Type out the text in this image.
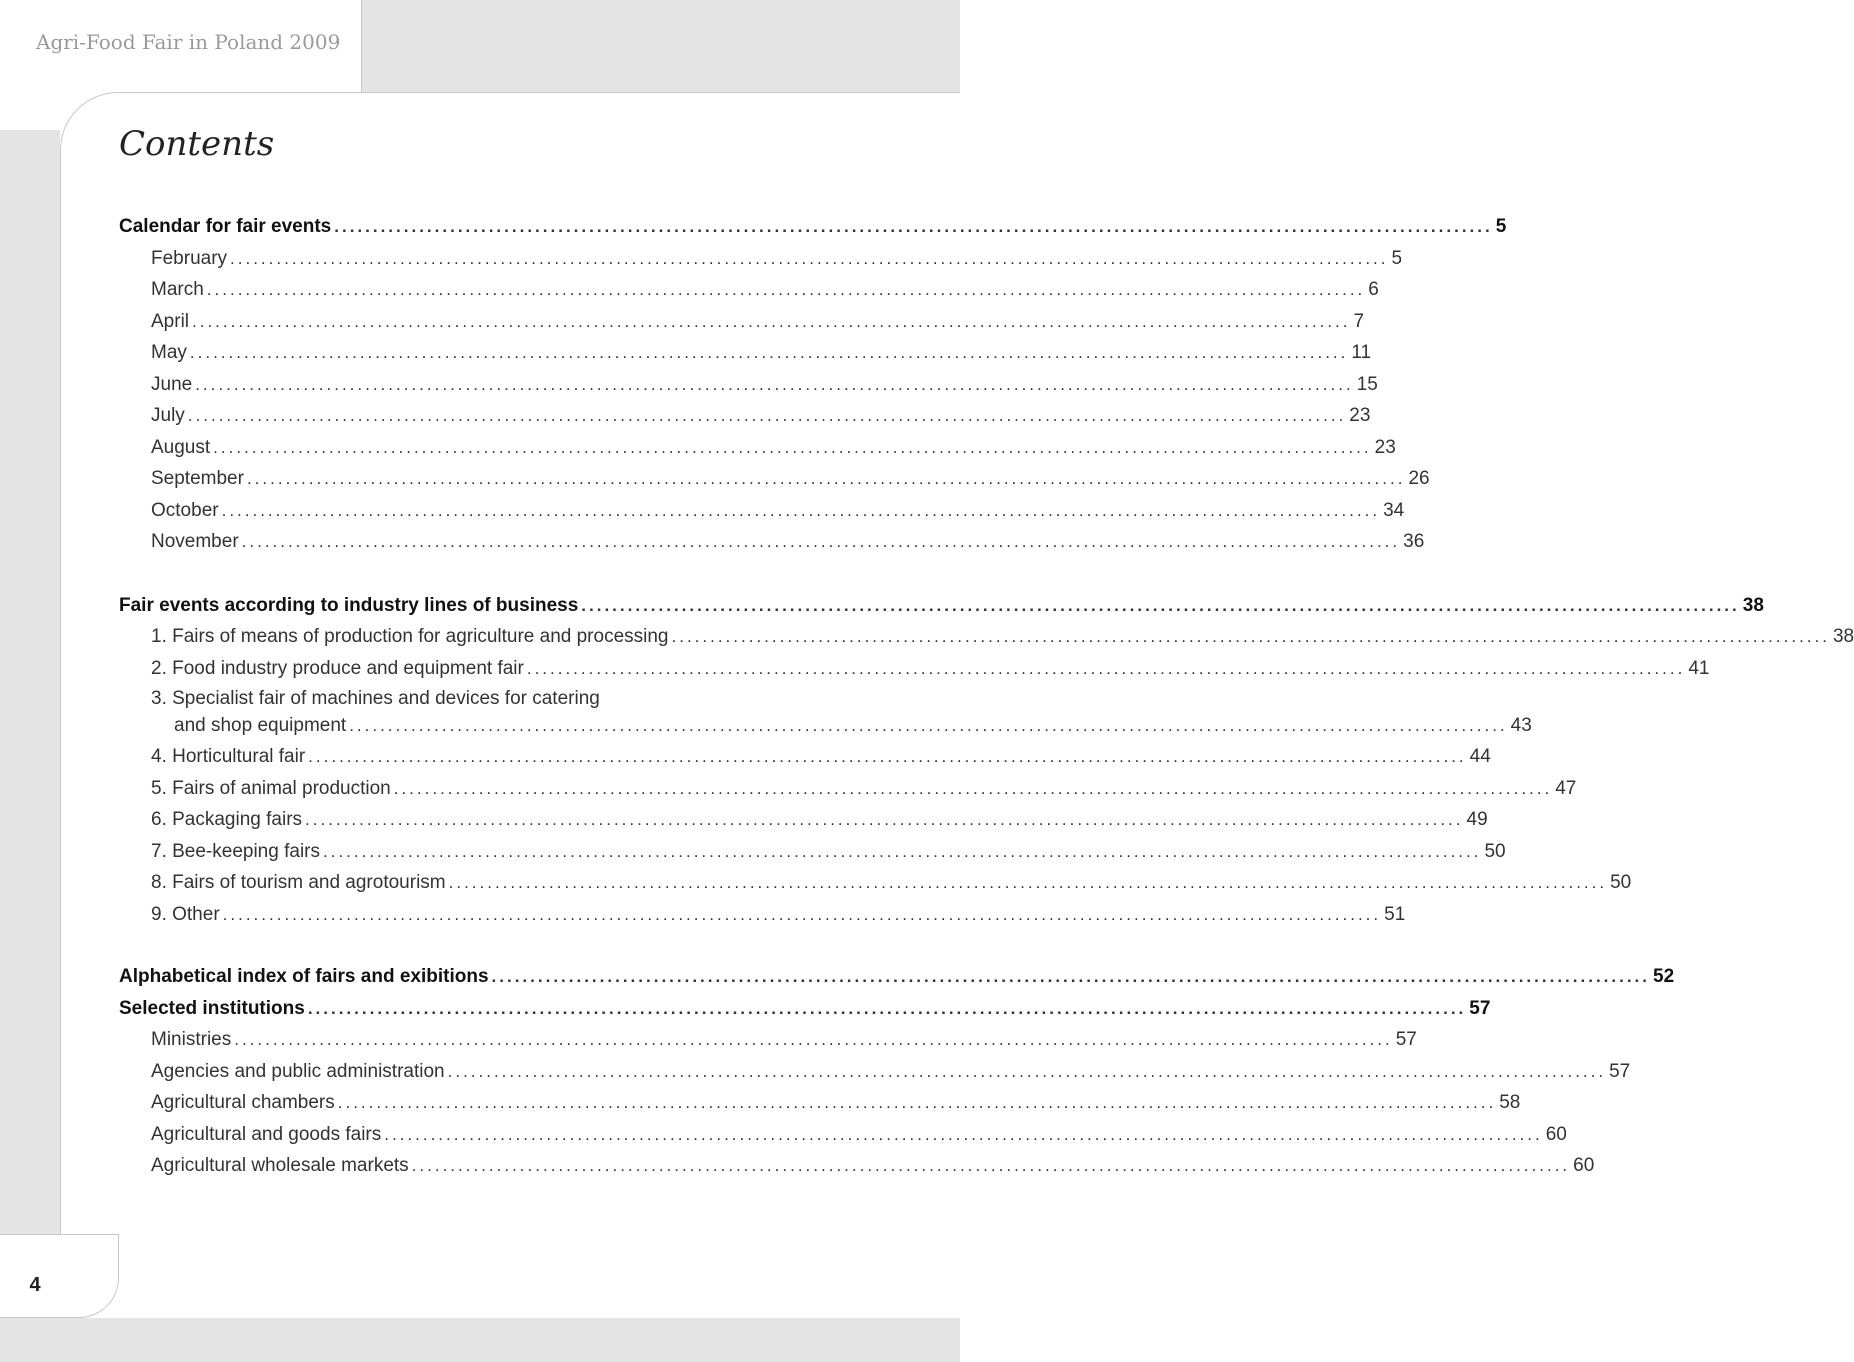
Agri-Food Fair in Poland 2009
Contents
4
Calendar for fair events ...................................................................................................................................................... 5
February ...................................................................................................................................................... 5
March ...................................................................................................................................................... 6
April ...................................................................................................................................................... 7
May ...................................................................................................................................................... 11
June ...................................................................................................................................................... 15
July ...................................................................................................................................................... 23
August ...................................................................................................................................................... 23
September ...................................................................................................................................................... 26
October ...................................................................................................................................................... 34
November ...................................................................................................................................................... 36
Fair events according to industry lines of business ...................................................................................................................................................... 38
1. Fairs of means of production for agriculture and processing ...................................................................................................................................................... 38
2. Food industry produce and equipment fair ...................................................................................................................................................... 41
3. Specialist fair of machines and devices for catering
and shop equipment ...................................................................................................................................................... 43
4. Horticultural fair ...................................................................................................................................................... 44
5. Fairs of animal production ...................................................................................................................................................... 47
6. Packaging fairs ...................................................................................................................................................... 49
7. Bee-keeping fairs ...................................................................................................................................................... 50
8. Fairs of tourism and agrotourism ...................................................................................................................................................... 50
9. Other ...................................................................................................................................................... 51
Alphabetical index of fairs and exibitions ...................................................................................................................................................... 52
Selected institutions ...................................................................................................................................................... 57
Ministries ...................................................................................................................................................... 57
Agencies and public administration ...................................................................................................................................................... 57
Agricultural chambers ...................................................................................................................................................... 58
Agricultural and goods fairs ...................................................................................................................................................... 60
Agricultural wholesale markets ...................................................................................................................................................... 60
